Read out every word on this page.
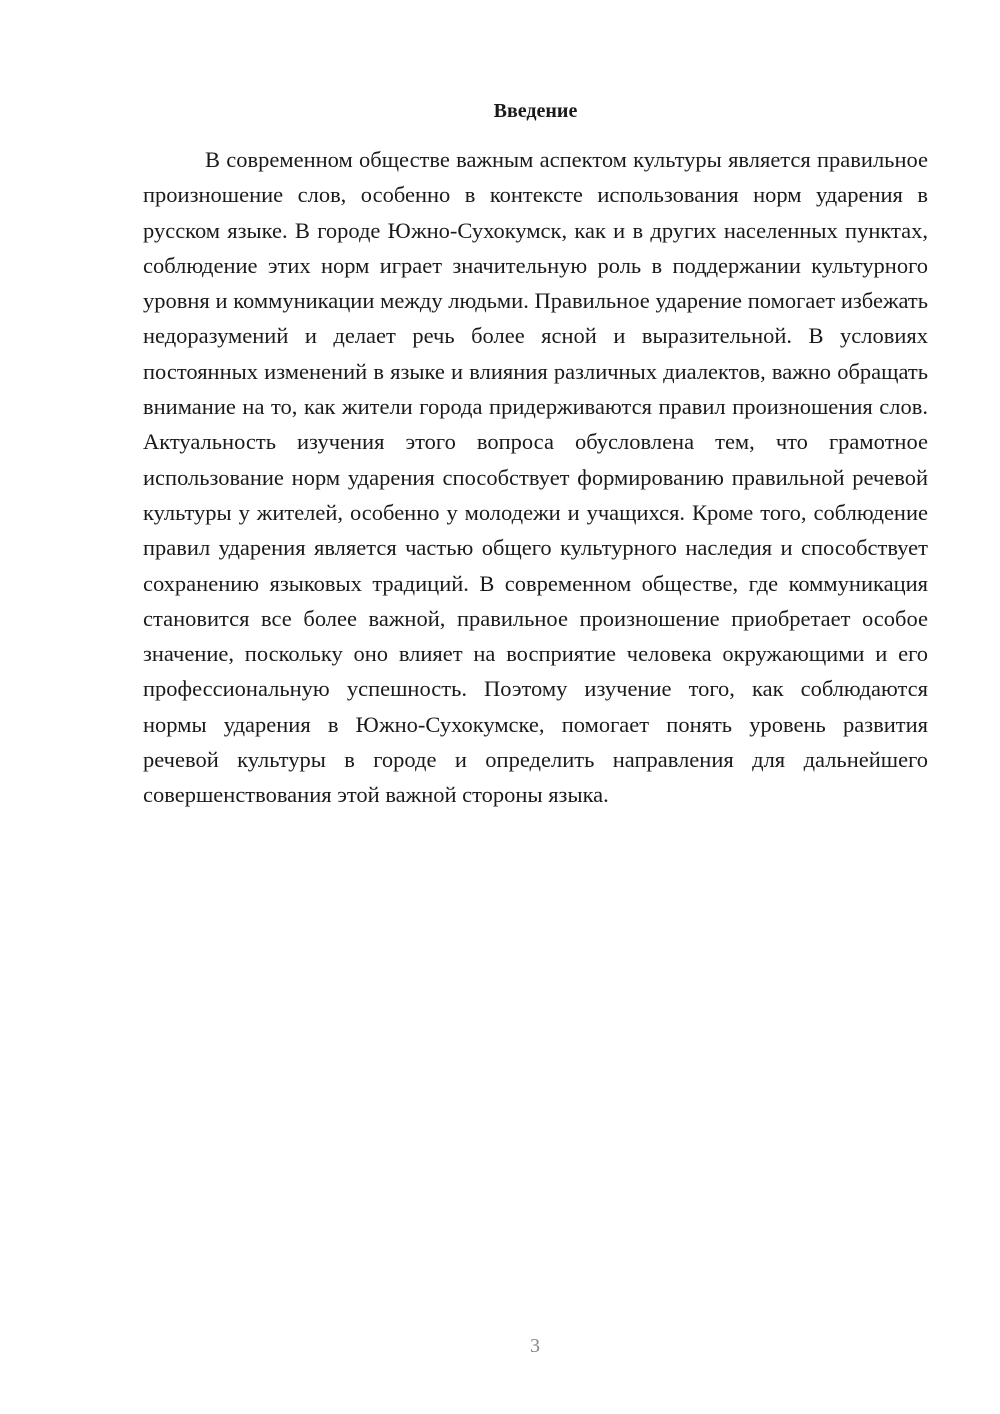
Введение

В современном обществе важным аспектом культуры является правильное произношение слов, особенно в контексте использования норм ударения в русском языке. В городе Южно-Сухокумск, как и в других населенных пунктах, соблюдение этих норм играет значительную роль в поддержании культурного уровня и коммуникации между людьми. Правильное ударение помогает избежать недоразумений и делает речь более ясной и выразительной. В условиях постоянных изменений в языке и влияния различных диалектов, важно обращать внимание на то, как жители города придерживаются правил произношения слов. Актуальность изучения этого вопроса обусловлена тем, что грамотное использование норм ударения способствует формированию правильной речевой культуры у жителей, особенно у молодежи и учащихся. Кроме того, соблюдение правил ударения является частью общего культурного наследия и способствует сохранению языковых традиций. В современном обществе, где коммуникация становится все более важной, правильное произношение приобретает особое значение, поскольку оно влияет на восприятие человека окружающими и его профессиональную успешность. Поэтому изучение того, как соблюдаются нормы ударения в Южно-Сухокумске, помогает понять уровень развития речевой культуры в городе и определить направления для дальнейшего совершенствования этой важной стороны языка.

3
